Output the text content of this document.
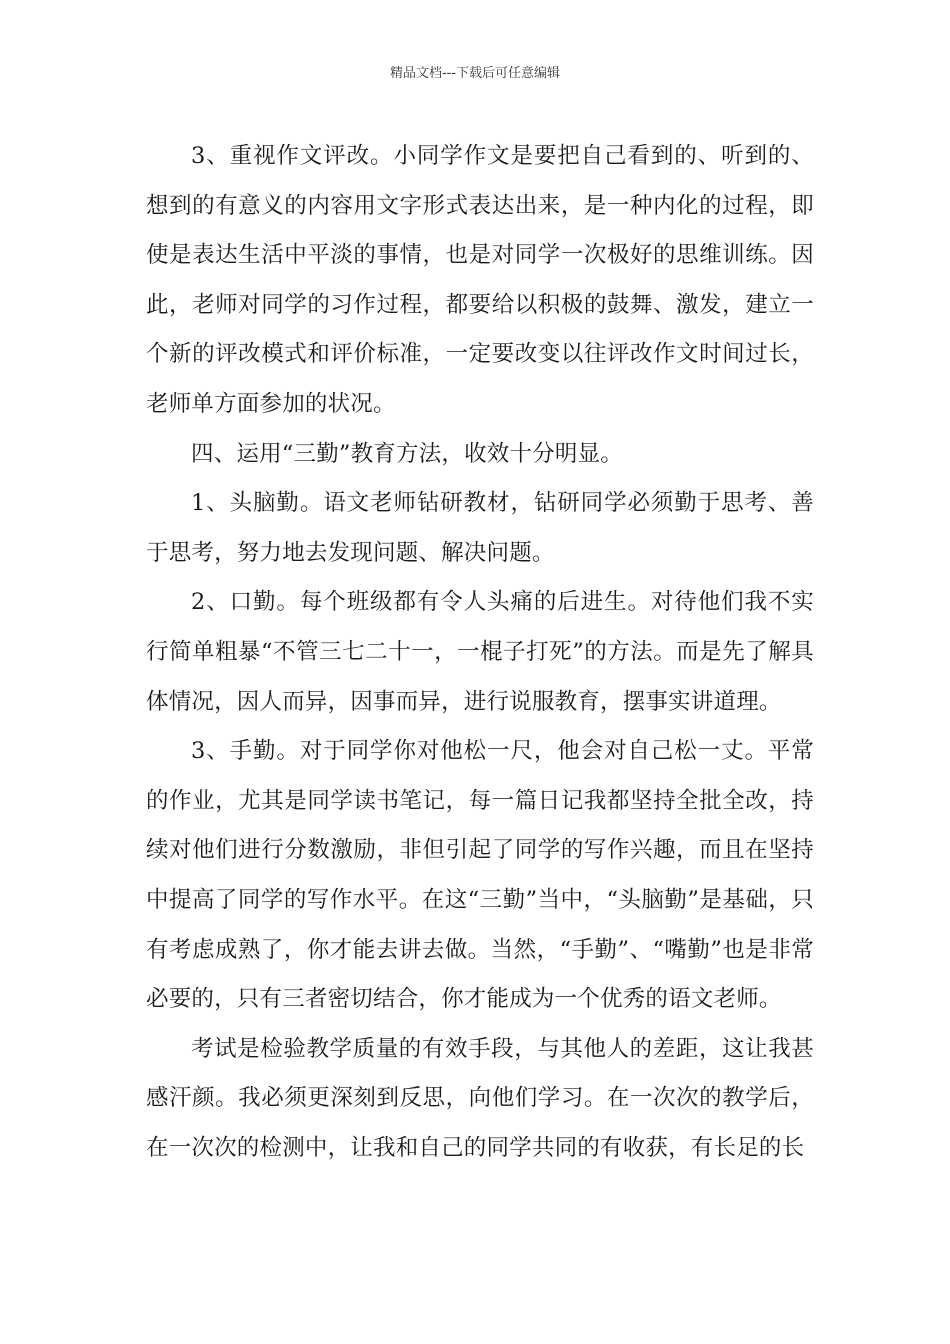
精品文档---下载后可任意编辑

3、重视作文评改。小同学作文是要把自己看到的、听到的、想到的有意义的内容用文字形式表达出来，是一种内化的过程，即使是表达生活中平淡的事情，也是对同学一次极好的思维训练。因此，老师对同学的习作过程，都要给以积极的鼓舞、激发，建立一个新的评改模式和评价标准，一定要改变以往评改作文时间过长，老师单方面参加的状况。

四、运用“三勤”教育方法，收效十分明显。

1、头脑勤。语文老师钻研教材，钻研同学必须勤于思考、善于思考，努力地去发现问题、解决问题。

2、口勤。每个班级都有令人头痛的后进生。对待他们我不实行简单粗暴“不管三七二十一，一棍子打死”的方法。而是先了解具体情况，因人而异，因事而异，进行说服教育，摆事实讲道理。

3、手勤。对于同学你对他松一尺，他会对自己松一丈。平常的作业，尤其是同学读书笔记，每一篇日记我都坚持全批全改，持续对他们进行分数激励，非但引起了同学的写作兴趣，而且在坚持中提高了同学的写作水平。在这“三勤”当中，“头脑勤”是基础，只有考虑成熟了，你才能去讲去做。当然，“手勤”、“嘴勤”也是非常必要的，只有三者密切结合，你才能成为一个优秀的语文老师。

考试是检验教学质量的有效手段，与其他人的差距，这让我甚感汗颜。我必须更深刻到反思，向他们学习。在一次次的教学后，在一次次的检测中，让我和自己的同学共同的有收获，有长足的长
